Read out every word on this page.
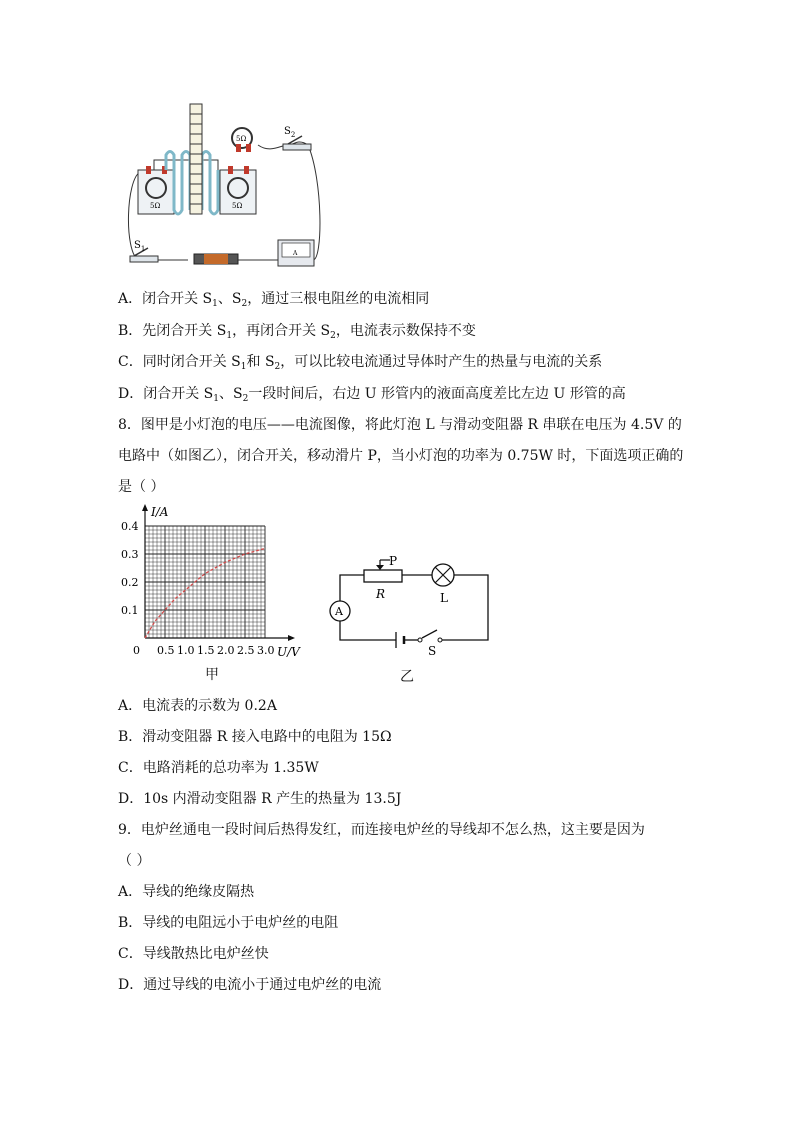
5Ω	5Ω
5Ω
$S_2$
$S_1$
A
A．闭合开关 $S_1$、$S_2$，通过三根电阻丝的电流相同
B．先闭合开关 $S_1$，再闭合开关 $S_2$，电流表示数保持不变
C．同时闭合开关 $S_1$和 $S_2$，可以比较电流通过导体时产生的热量与电流的关系
D．闭合开关 $S_1$、$S_2$一段时间后，右边 U 形管内的液面高度差比左边 U 形管的高
8．图甲是小灯泡的电压——电流图像，将此灯泡 L 与滑动变阻器 R 串联在电压为 4.5V 的
电路中（如图乙），闭合开关，移动滑片 P，当小灯泡的功率为 0.75W 时，下面选项正确的
是（ ）
U/V
I/A
0 0.5 1.0 1.5 2.0 2.5 3.0
0.1
0.2
0.3
0.4
甲
P
R	L
A
S
乙
A．电流表的示数为 0.2A
B．滑动变阻器 R 接入电路中的电阻为 15Ω
C．电路消耗的总功率为 1.35W
D．10s 内滑动变阻器 R 产生的热量为 13.5J
9．电炉丝通电一段时间后热得发红，而连接电炉丝的导线却不怎么热，这主要是因为
（ ）
A．导线的绝缘皮隔热
B．导线的电阻远小于电炉丝的电阻
C．导线散热比电炉丝快
D．通过导线的电流小于通过电炉丝的电流
